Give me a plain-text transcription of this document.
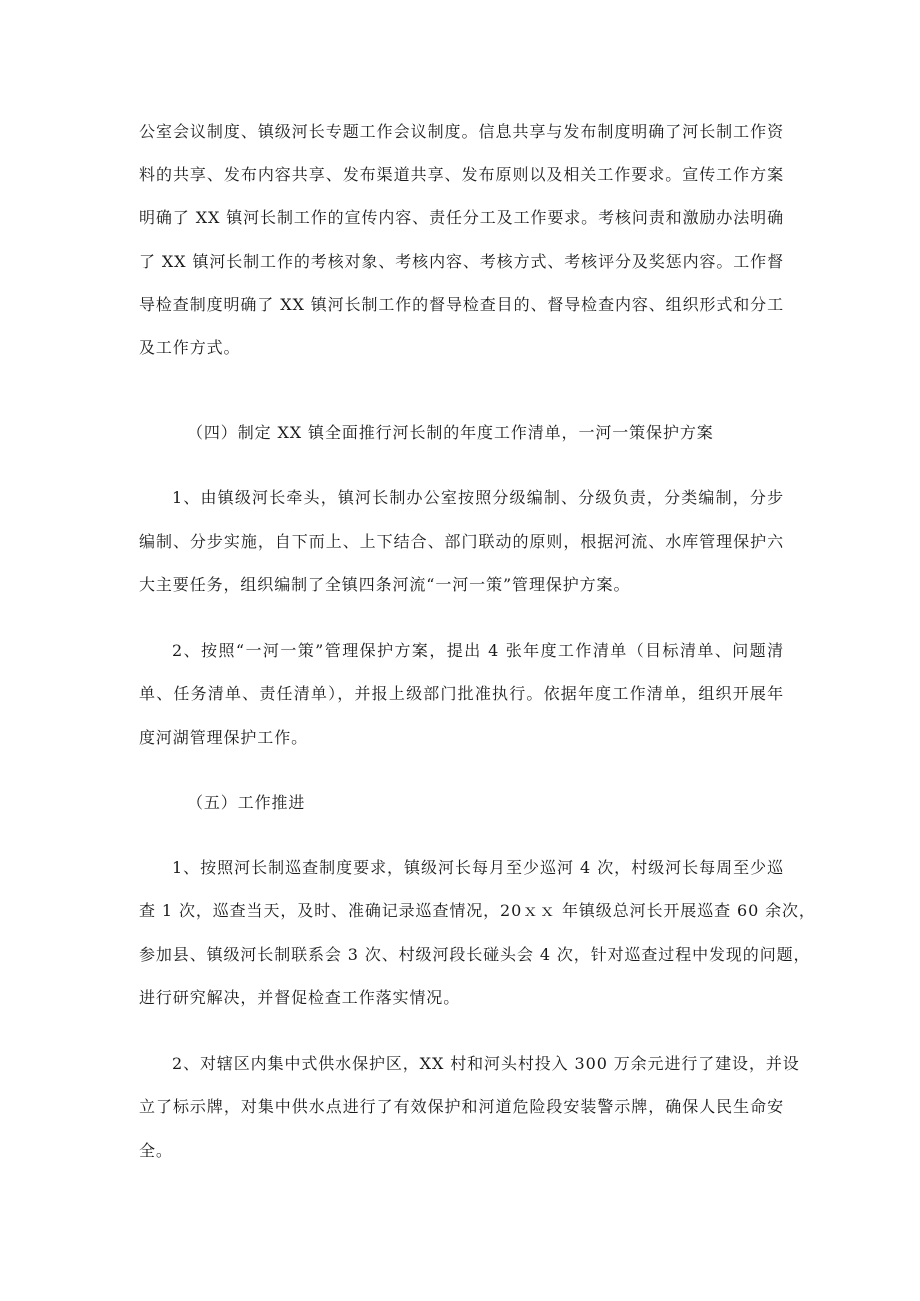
公室会议制度、镇级河长专题工作会议制度。信息共享与发布制度明确了河长制工作资
料的共享、发布内容共享、发布渠道共享、发布原则以及相关工作要求。宣传工作方案
明确了 XX 镇河长制工作的宣传内容、责任分工及工作要求。考核问责和激励办法明确
了 XX 镇河长制工作的考核对象、考核内容、考核方式、考核评分及奖惩内容。工作督
导检查制度明确了 XX 镇河长制工作的督导检查目的、督导检查内容、组织形式和分工
及工作方式。
（四）制定 XX 镇全面推行河长制的年度工作清单，一河一策保护方案
1、由镇级河长牵头，镇河长制办公室按照分级编制、分级负责，分类编制，分步
编制、分步实施，自下而上、上下结合、部门联动的原则，根据河流、水库管理保护六
大主要任务，组织编制了全镇四条河流“一河一策”管理保护方案。
2、按照“一河一策”管理保护方案，提出 4 张年度工作清单（目标清单、问题清
单、任务清单、责任清单），并报上级部门批准执行。依据年度工作清单，组织开展年
度河湖管理保护工作。
（五）工作推进
1、按照河长制巡查制度要求，镇级河长每月至少巡河 4 次，村级河长每周至少巡
查 1 次，巡查当天，及时、准确记录巡查情况，20ｘｘ 年镇级总河长开展巡查 60 余次，
参加县、镇级河长制联系会 3 次、村级河段长碰头会 4 次，针对巡查过程中发现的问题，
进行研究解决，并督促检查工作落实情况。
2、对辖区内集中式供水保护区，XX 村和河头村投入 300 万余元进行了建设，并设
立了标示牌，对集中供水点进行了有效保护和河道危险段安装警示牌，确保人民生命安
全。
